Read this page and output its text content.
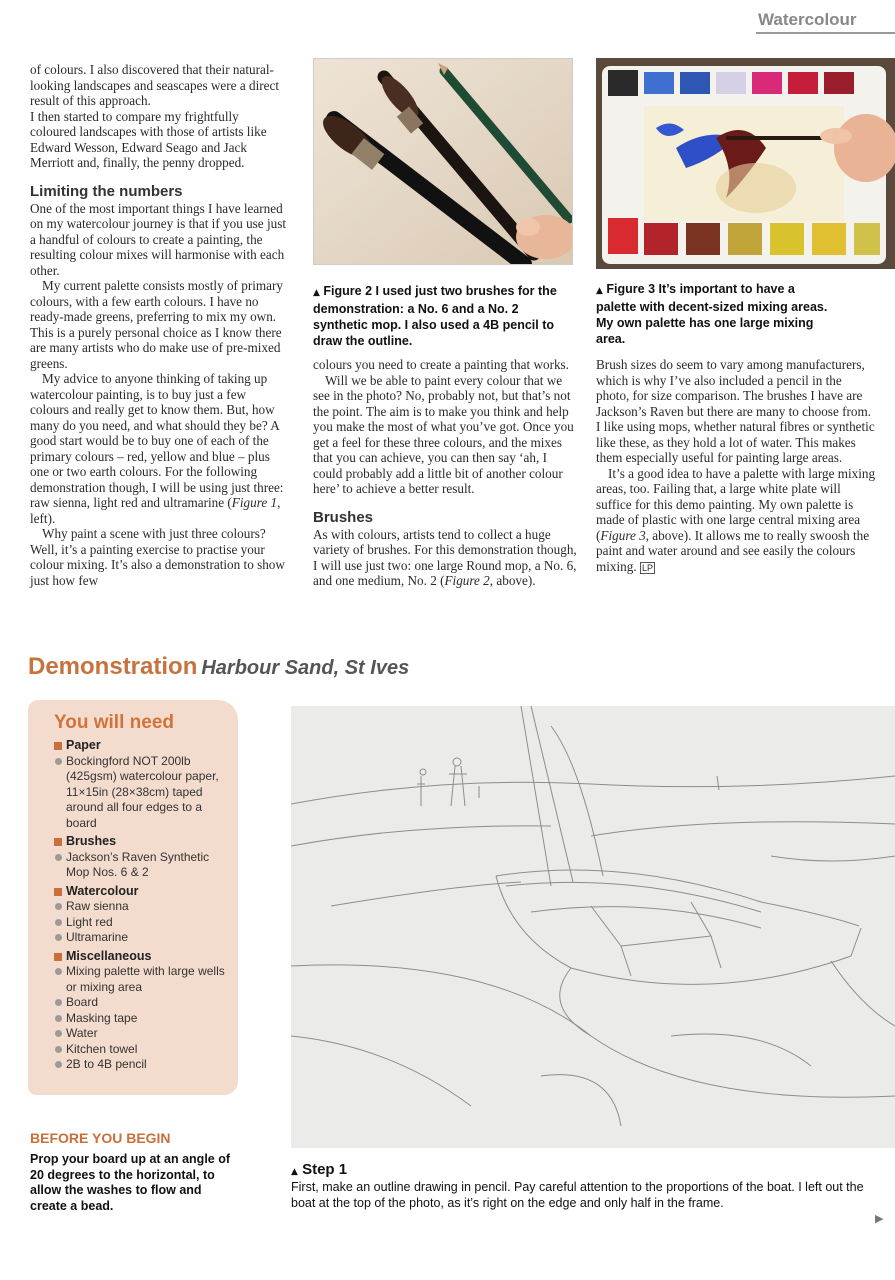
Watercolour

of colours. I also discovered that their natural-looking landscapes and seascapes were a direct result of this approach.

I then started to compare my frightfully coloured landscapes with those of artists like Edward Wesson, Edward Seago and Jack Merriott and, finally, the penny dropped.

Limiting the numbers

One of the most important things I have learned on my watercolour journey is that if you use just a handful of colours to create a painting, the resulting colour mixes will harmonise with each other.

My current palette consists mostly of primary colours, with a few earth colours. I have no ready-made greens, preferring to mix my own. This is a purely personal choice as I know there are many artists who do make use of pre-mixed greens.

My advice to anyone thinking of taking up watercolour painting, is to buy just a few colours and really get to know them. But, how many do you need, and what should they be? A good start would be to buy one of each of the primary colours – red, yellow and blue – plus one or two earth colours. For the following demonstration though, I will be using just three: raw sienna, light red and ultramarine (Figure 1, left).

Why paint a scene with just three colours? Well, it’s a painting exercise to practise your colour mixing. It’s also a demonstration to show just how few

▲ Figure 2 I used just two brushes for the demonstration: a No. 6 and a No. 2 synthetic mop. I also used a 4B pencil to draw the outline.
▲ Figure 3 It’s important to have a palette with decent-sized mixing areas. My own palette has one large mixing area.

colours you need to create a painting that works.

Will we be able to paint every colour that we see in the photo? No, probably not, but that’s not the point. The aim is to make you think and help you make the most of what you’ve got. Once you get a feel for these three colours, and the mixes that you can achieve, you can then say ‘ah, I could probably add a little bit of another colour here’ to achieve a better result.

Brushes

As with colours, artists tend to collect a huge variety of brushes. For this demonstration though, I will use just two: one large Round mop, a No. 6, and one medium, No. 2 (Figure 2, above).

Brush sizes do seem to vary among manufacturers, which is why I’ve also included a pencil in the photo, for size comparison. The brushes I have are Jackson’s Raven but there are many to choose from. I like using mops, whether natural fibres or synthetic like these, as they hold a lot of water. This makes them especially useful for painting large areas.

It’s a good idea to have a palette with large mixing areas, too. Failing that, a large white plate will suffice for this demo painting. My own palette is made of plastic with one large central mixing area (Figure 3, above). It allows me to really swoosh the paint and water around and see easily the colours mixing. LP

Demonstration Harbour Sand, St Ives
You will need
Paper
Bockingford NOT 200lb (425gsm) watercolour paper, 11×15in (28×38cm) taped around all four edges to a board
Brushes
Jackson’s Raven Synthetic Mop Nos. 6 & 2
Watercolour
Raw sienna
Light red
Ultramarine
Miscellaneous
Mixing palette with large wells or mixing area
Board
Masking tape
Water
Kitchen towel
2B to 4B pencil
BEFORE YOU BEGIN
Prop your board up at an angle of 20 degrees to the horizontal, to allow the washes to flow and create a bead.
▲ Step 1
First, make an outline drawing in pencil. Pay careful attention to the proportions of the boat. I left out the boat at the top of the photo, as it’s right on the edge and only half in the frame.
▶
